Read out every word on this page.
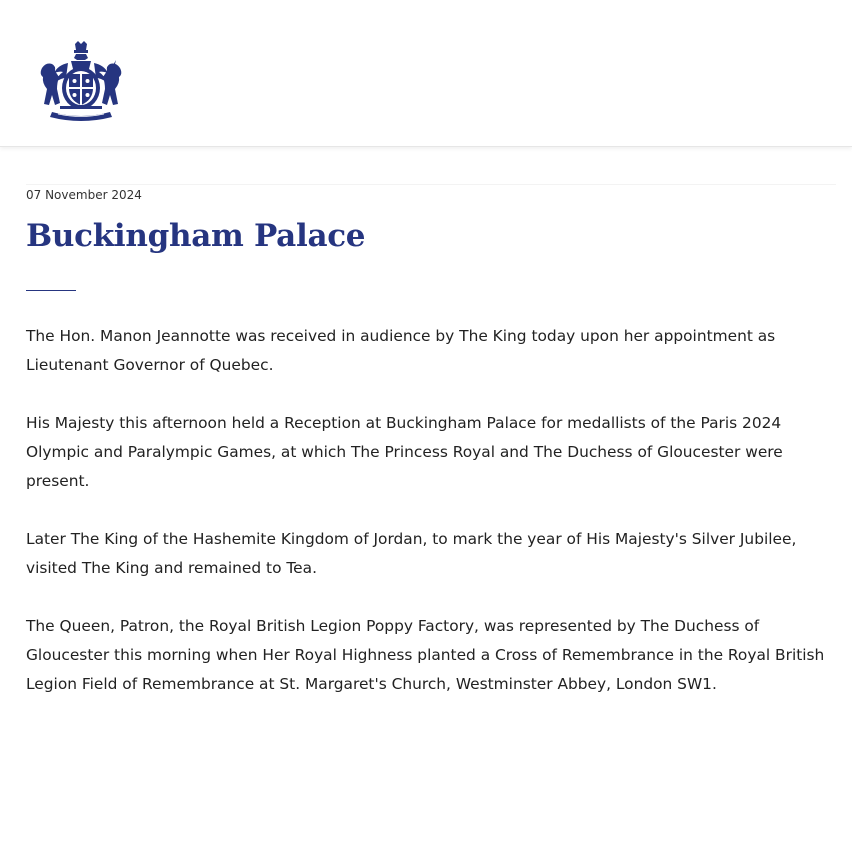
07 November 2024

Buckingham Palace

The Hon. Manon Jeannotte was received in audience by The King today upon her appointment as Lieutenant Governor of Quebec.

His Majesty this afternoon held a Reception at Buckingham Palace for medallists of the Paris 2024 Olympic and Paralympic Games, at which The Princess Royal and The Duchess of Gloucester were present.

Later The King of the Hashemite Kingdom of Jordan, to mark the year of His Majesty's Silver Jubilee, visited The King and remained to Tea.

The Queen, Patron, the Royal British Legion Poppy Factory, was represented by The Duchess of Gloucester this morning when Her Royal Highness planted a Cross of Remembrance in the Royal British Legion Field of Remembrance at St. Margaret's Church, Westminster Abbey, London SW1.
